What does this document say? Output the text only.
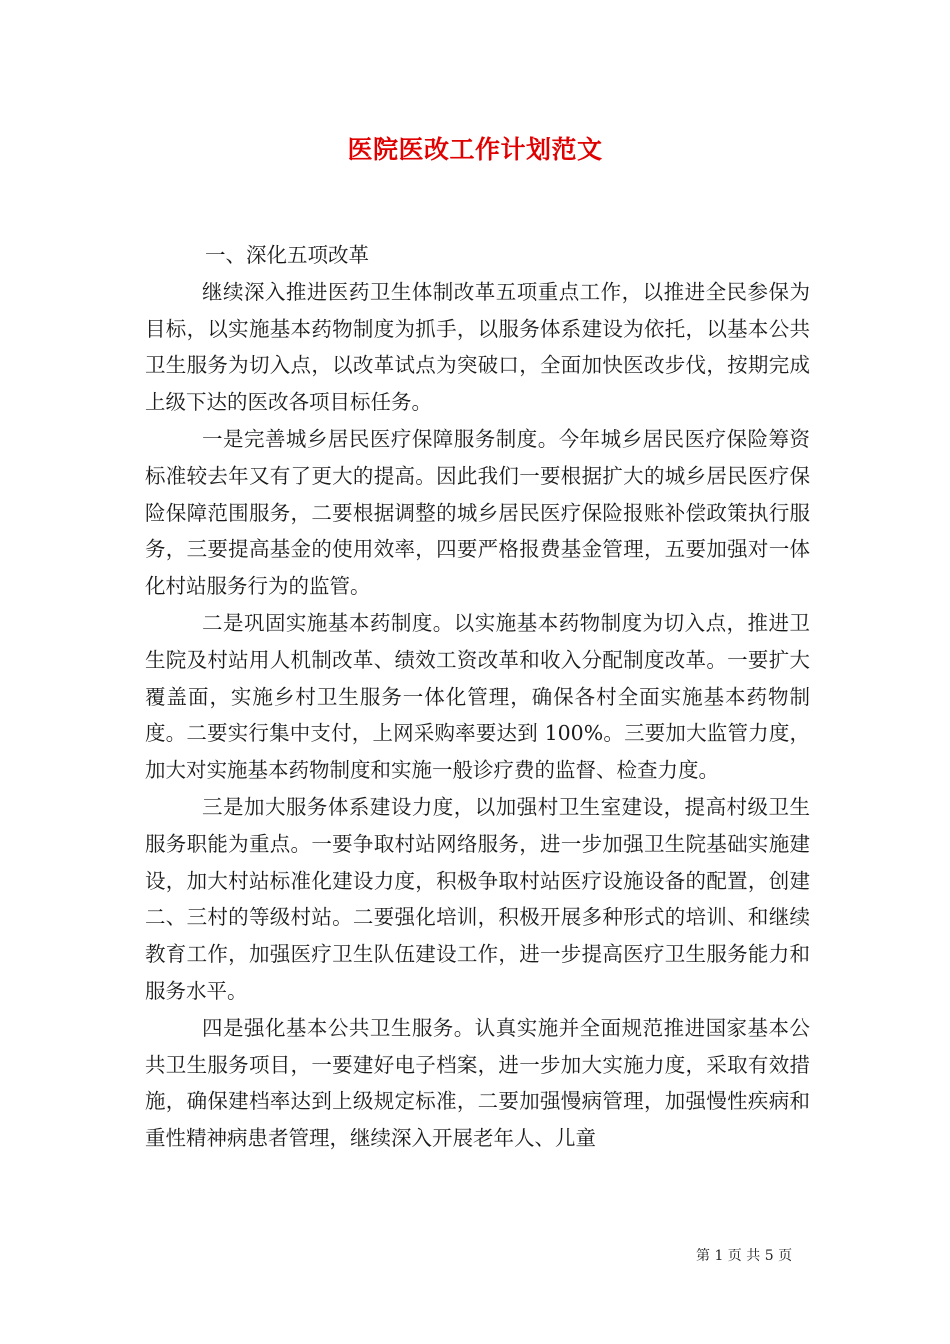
医院医改工作计划范文

一、深化五项改革

继续深入推进医药卫生体制改革五项重点工作，以推进全民参保为目标，以实施基本药物制度为抓手，以服务体系建设为依托，以基本公共卫生服务为切入点，以改革试点为突破口，全面加快医改步伐，按期完成上级下达的医改各项目标任务。

一是完善城乡居民医疗保障服务制度。今年城乡居民医疗保险筹资标准较去年又有了更大的提高。因此我们一要根据扩大的城乡居民医疗保险保障范围服务，二要根据调整的城乡居民医疗保险报账补偿政策执行服务，三要提高基金的使用效率，四要严格报费基金管理，五要加强对一体化村站服务行为的监管。

二是巩固实施基本药制度。以实施基本药物制度为切入点，推进卫生院及村站用人机制改革、绩效工资改革和收入分配制度改革。一要扩大覆盖面，实施乡村卫生服务一体化管理，确保各村全面实施基本药物制度。二要实行集中支付，上网采购率要达到 100%。三要加大监管力度，加大对实施基本药物制度和实施一般诊疗费的监督、检查力度。

三是加大服务体系建设力度，以加强村卫生室建设，提高村级卫生服务职能为重点。一要争取村站网络服务，进一步加强卫生院基础实施建设，加大村站标准化建设力度，积极争取村站医疗设施设备的配置，创建二、三村的等级村站。二要强化培训，积极开展多种形式的培训、和继续教育工作，加强医疗卫生队伍建设工作，进一步提高医疗卫生服务能力和服务水平。

四是强化基本公共卫生服务。认真实施并全面规范推进国家基本公共卫生服务项目，一要建好电子档案，进一步加大实施力度，采取有效措施，确保建档率达到上级规定标准，二要加强慢病管理，加强慢性疾病和重性精神病患者管理，继续深入开展老年人、儿童

第 1 页 共 5 页
